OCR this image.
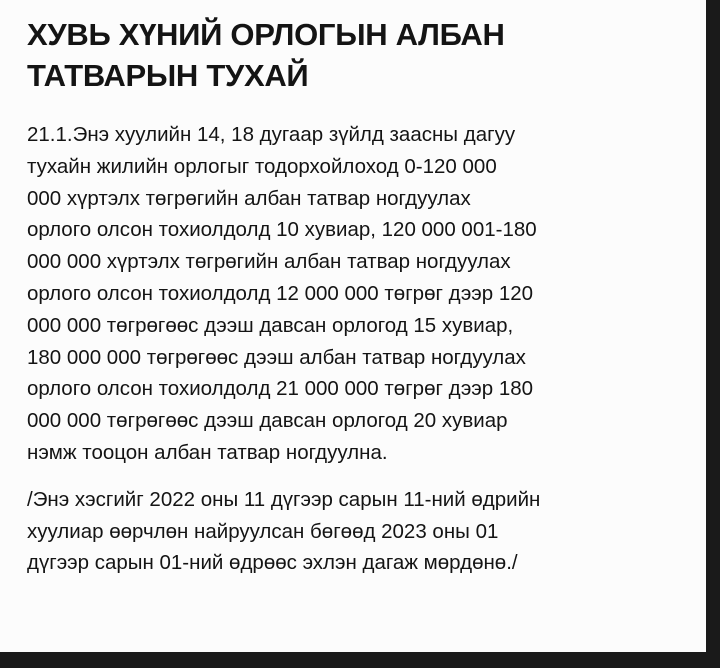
ХУВЬ ХҮНИЙ ОРЛОГЫН АЛБАН
ТАТВАРЫН ТУХАЙ

21.1.Энэ хуулийн 14, 18 дугаар зүйлд заасны дагуу
тухайн жилийн орлогыг тодорхойлоход 0-120 000
000 хүртэлх төгрөгийн албан татвар ногдуулах
орлого олсон тохиолдолд 10 хувиар, 120 000 001-180
000 000 хүртэлх төгрөгийн албан татвар ногдуулах
орлого олсон тохиолдолд 12 000 000 төгрөг дээр 120
000 000 төгрөгөөс дээш давсан орлогод 15 хувиар,
180 000 000 төгрөгөөс дээш албан татвар ногдуулах
орлого олсон тохиолдолд 21 000 000 төгрөг дээр 180
000 000 төгрөгөөс дээш давсан орлогод 20 хувиар
нэмж тооцон албан татвар ногдуулна.

/Энэ хэсгийг 2022 оны 11 дүгээр сарын 11-ний өдрийн
хуулиар өөрчлөн найруулсан бөгөөд 2023 оны 01
дүгээр сарын 01-ний өдрөөс эхлэн дагаж мөрдөнө./
